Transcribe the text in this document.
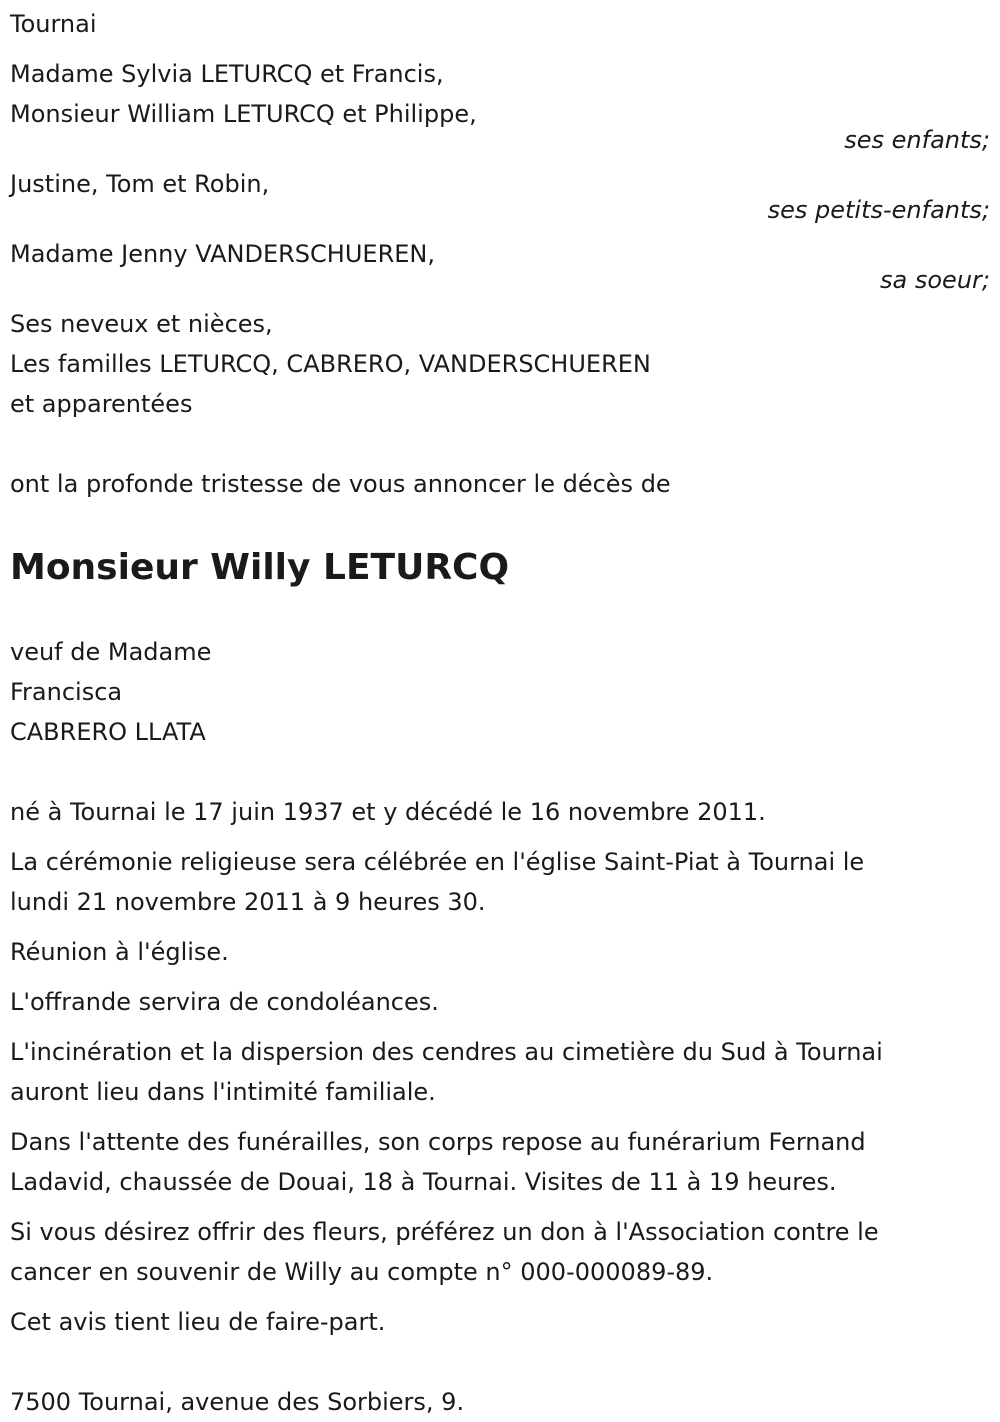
Tournai
Madame Sylvia LETURCQ et Francis,
Monsieur William LETURCQ et Philippe,
ses enfants;
Justine, Tom et Robin,
ses petits-enfants;
Madame Jenny VANDERSCHUEREN,
sa soeur;
Ses neveux et nièces,
Les familles LETURCQ, CABRERO, VANDERSCHUEREN
et apparentées
ont la profonde tristesse de vous annoncer le décès de
Monsieur Willy LETURCQ
veuf de Madame
Francisca
CABRERO LLATA
né à Tournai le 17 juin 1937 et y décédé le 16 novembre 2011.
La cérémonie religieuse sera célébrée en l'église Saint-Piat à Tournai le
lundi 21 novembre 2011 à 9 heures 30.
Réunion à l'église.
L'offrande servira de condoléances.
L'incinération et la dispersion des cendres au cimetière du Sud à Tournai
auront lieu dans l'intimité familiale.
Dans l'attente des funérailles, son corps repose au funérarium Fernand
Ladavid, chaussée de Douai, 18 à Tournai. Visites de 11 à 19 heures.
Si vous désirez offrir des fleurs, préférez un don à l'Association contre le
cancer en souvenir de Willy au compte n° 000-000089-89.
Cet avis tient lieu de faire-part.
7500 Tournai, avenue des Sorbiers, 9.
